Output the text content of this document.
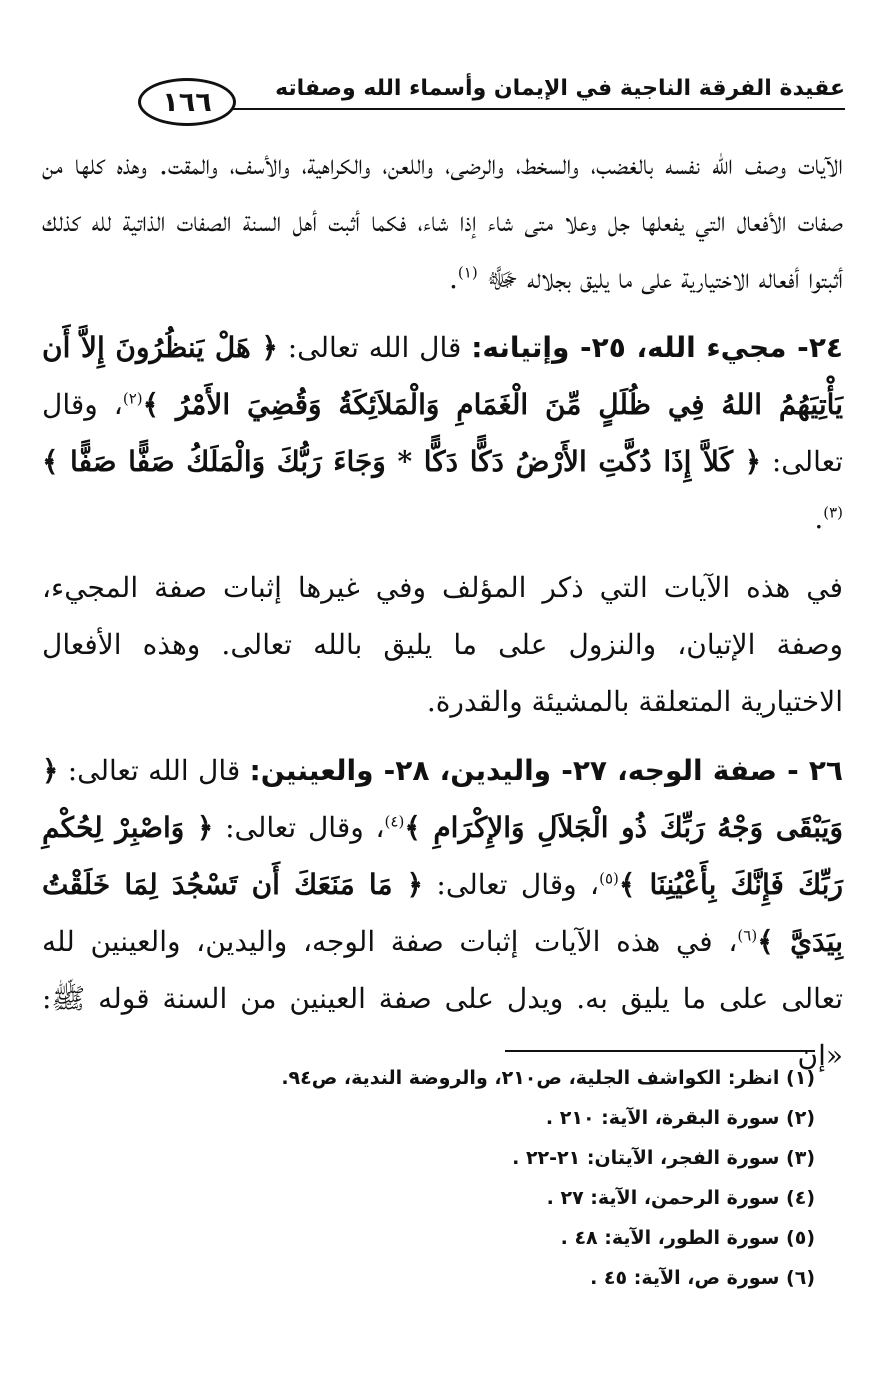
عقيدة الفرقة الناجية في الإيمان وأسماء الله وصفاته
١٦٦

الآيات وصف الله نفسه بالغضب، والسخط، والرضى، واللعن، والكراهية، والأسف، والمقت. وهذه كلها من صفات الأفعال التي يفعلها جل وعلا متى شاء إذا شاء، فكما أثبت أهل السنة الصفات الذاتية لله كذلك أثبتوا أفعاله الاختيارية على ما يليق بجلاله ﷻ $^{(١)}$.

٢٤- مجيء الله، ٢٥- وإتيانه: قال الله تعالى: ﴿ هَلْ يَنظُرُونَ إِلاَّ أَن يَأْتِيَهُمُ اللهُ فِي ظُلَلٍ مِّنَ الْغَمَامِ وَالْمَلاَئِكَةُ وَقُضِيَ الأَمْرُ ﴾$^{(٢)}$، وقال تعالى: ﴿ كَلاَّ إِذَا دُكَّتِ الأَرْضُ دَكًّا دَكًّا * وَجَاءَ رَبُّكَ وَالْمَلَكُ صَفًّا صَفًّا ﴾$^{(٣)}$.

في هذه الآيات التي ذكر المؤلف وفي غيرها إثبات صفة المجيء، وصفة الإتيان، والنزول على ما يليق بالله تعالى. وهذه الأفعال الاختيارية المتعلقة بالمشيئة والقدرة.

٢٦ - صفة الوجه، ٢٧- واليدين، ٢٨- والعينين: قال الله تعالى: ﴿ وَيَبْقَى وَجْهُ رَبِّكَ ذُو الْجَلاَلِ وَالإِكْرَامِ ﴾$^{(٤)}$، وقال تعالى: ﴿ وَاصْبِرْ لِحُكْمِ رَبِّكَ فَإِنَّكَ بِأَعْيُنِنَا ﴾$^{(٥)}$، وقال تعالى: ﴿ مَا مَنَعَكَ أَن تَسْجُدَ لِمَا خَلَقْتُ بِيَدَيَّ ﴾$^{(٦)}$، في هذه الآيات إثبات صفة الوجه، واليدين، والعينين لله تعالى على ما يليق به. ويدل على صفة العينين من السنة قوله ﷺ: «إن

(١) انظر: الكواشف الجلية، ص٢١٠، والروضة الندية، ص٩٤.
(٢) سورة البقرة، الآية: ٢١٠ .
(٣) سورة الفجر، الآيتان: ٢١-٢٢ .
(٤) سورة الرحمن، الآية: ٢٧ .
(٥) سورة الطور، الآية: ٤٨ .
(٦) سورة ص، الآية: ٤٥ .
